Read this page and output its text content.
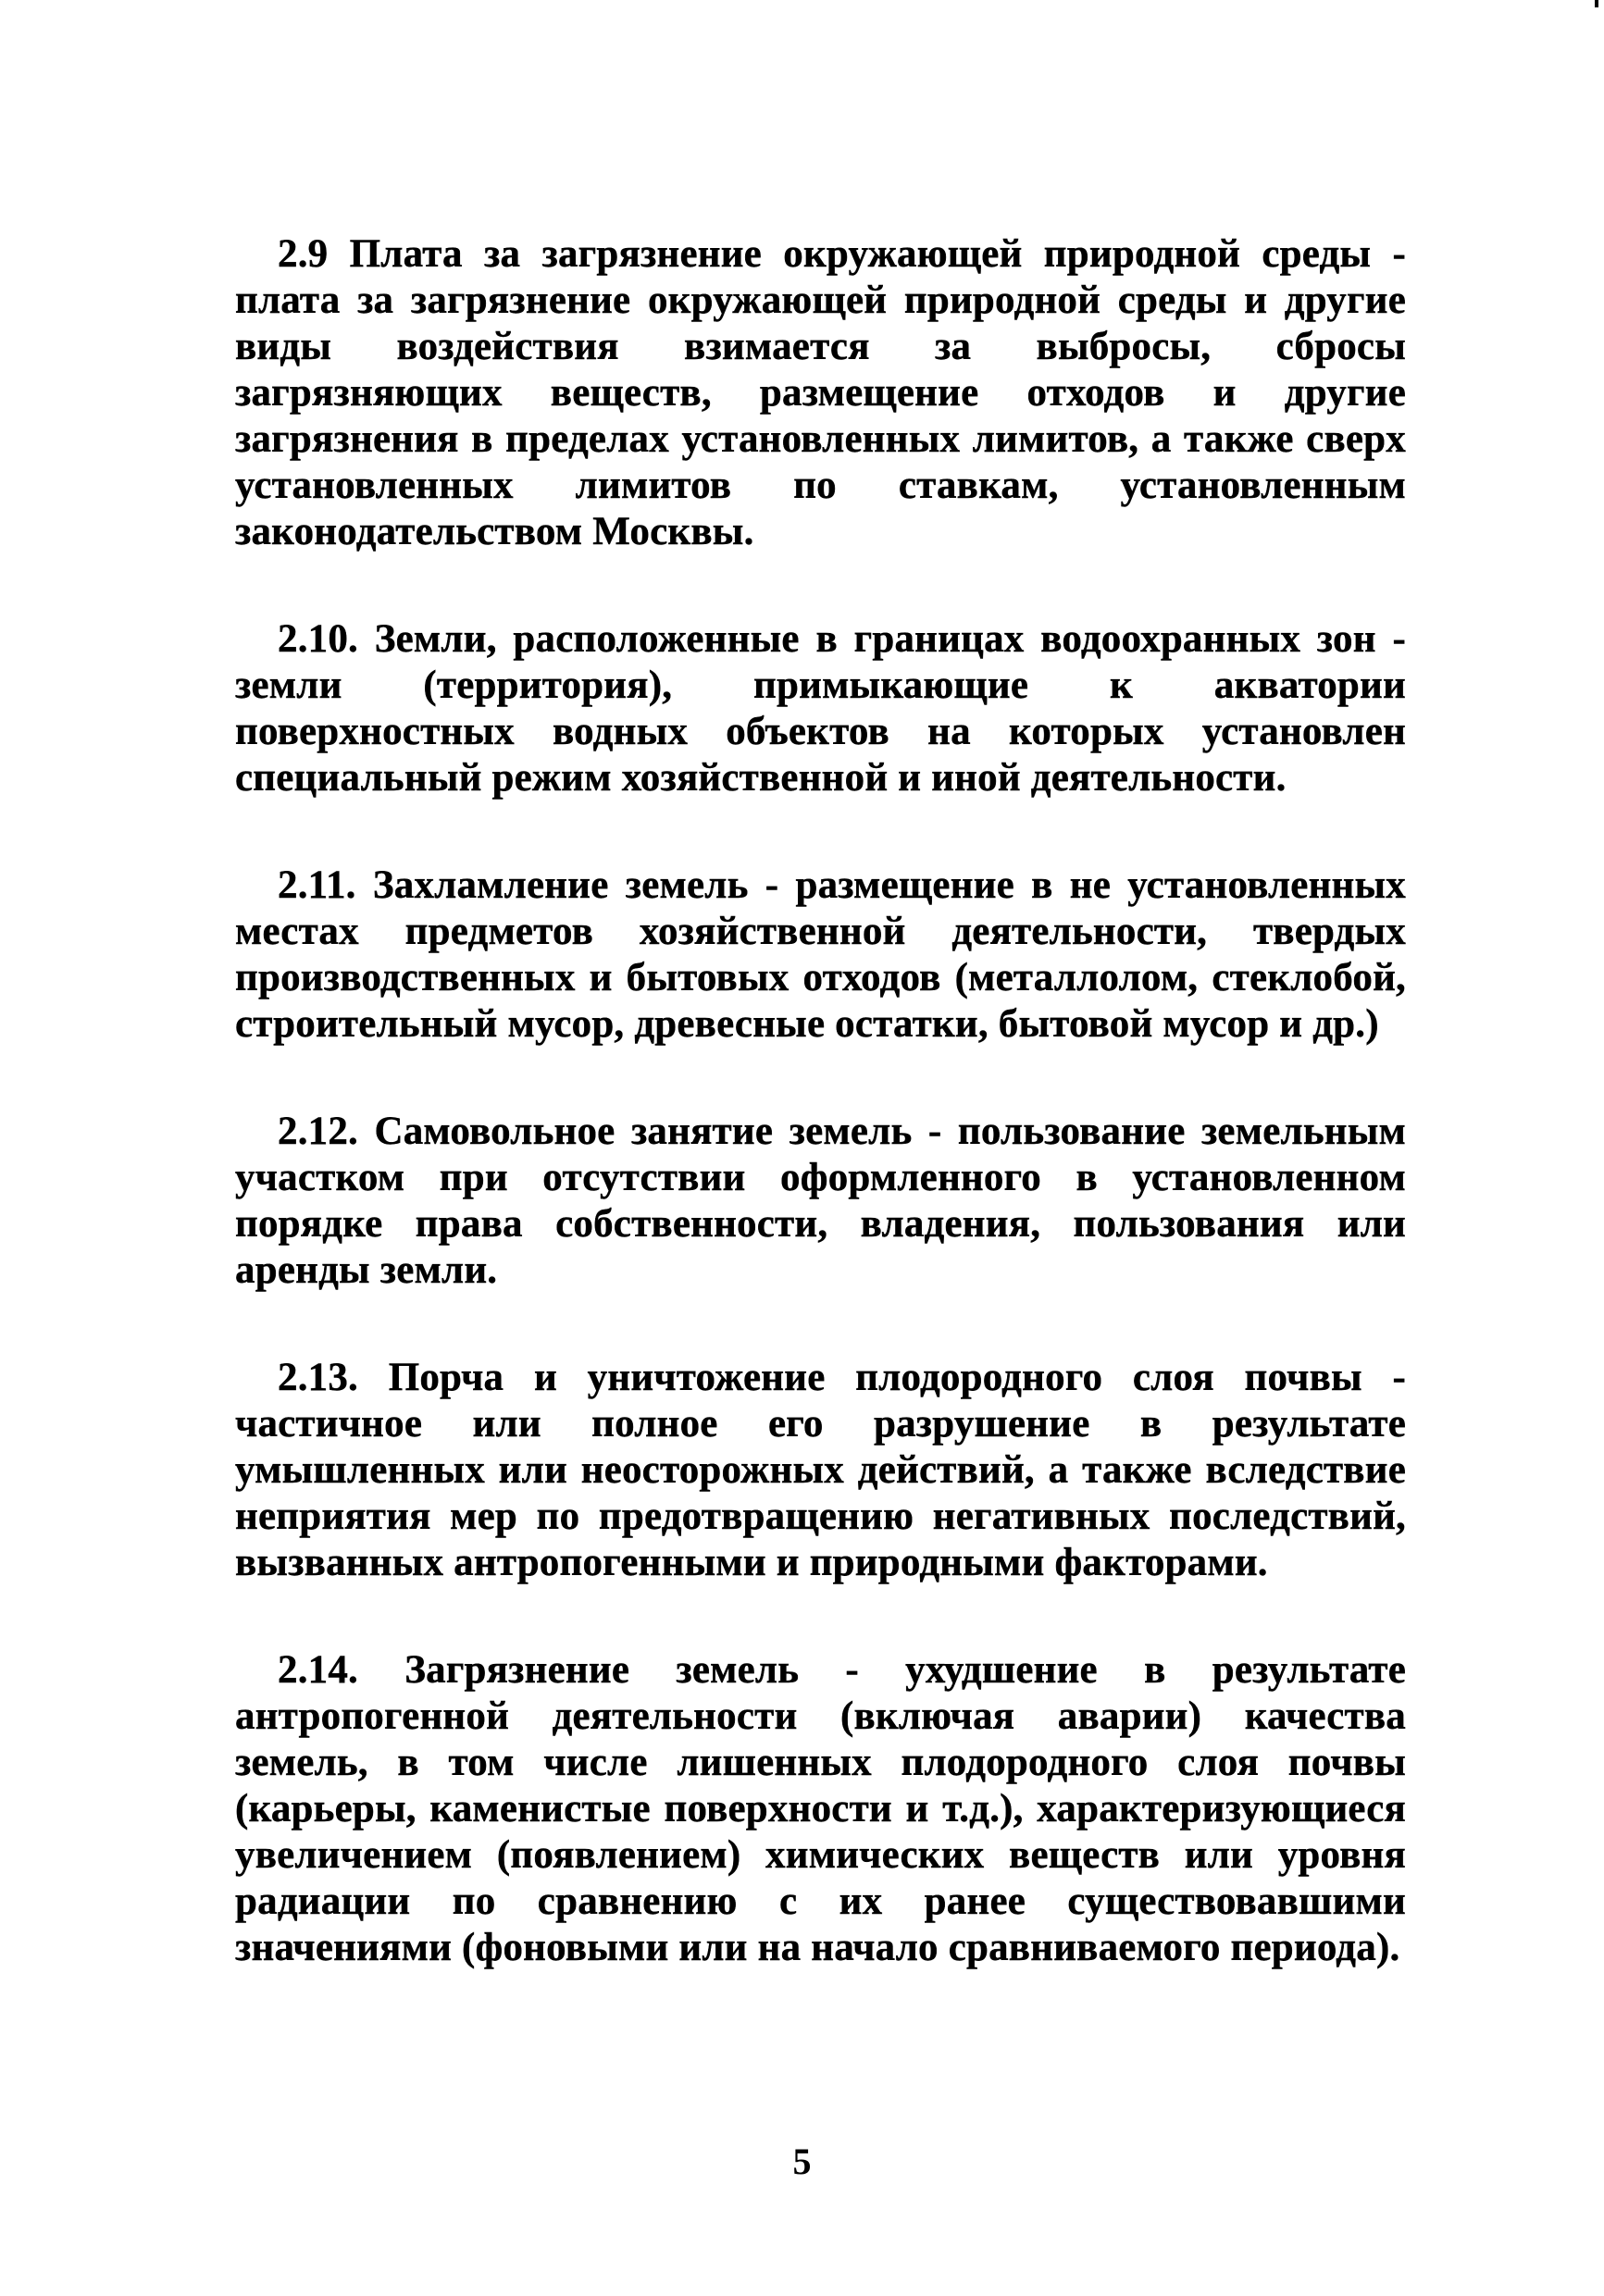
2.9 Плата за загрязнение окружающей природной среды - плата за загрязнение окружающей природной среды и другие виды воздействия взимается за выбросы, сбросы загрязняющих веществ, размещение отходов и другие загрязнения в пределах установленных лимитов, а также сверх установленных лимитов по ставкам, установленным законодательством Москвы.

2.10. Земли, расположенные в границах водоохранных зон - земли (территория), примыкающие к акватории поверхностных водных объектов на которых установлен специальный режим хозяйственной и иной деятельности.

2.11. Захламление земель - размещение в не установленных местах предметов хозяйственной деятельности, твердых производственных и бытовых отходов (металлолом, стеклобой, строительный мусор, древесные остатки, бытовой мусор и др.)

2.12. Самовольное занятие земель - пользование земельным участком при отсутствии оформленного в установленном порядке права собственности, владения, пользования или аренды земли.

2.13. Порча и уничтожение плодородного слоя почвы - частичное или полное его разрушение в результате умышленных или неосторожных действий, а также вследствие неприятия мер по предотвращению негативных последствий, вызванных антропогенными и природными факторами.

2.14. Загрязнение земель - ухудшение в результате антропогенной деятельности (включая аварии) качества земель, в том числе лишенных плодородного слоя почвы (карьеры, каменистые поверхности и т.д.), характеризующиеся увеличением (появлением) химических веществ или уровня радиации по сравнению с их ранее существовавшими значениями (фоновыми или на начало сравниваемого периода).

5
